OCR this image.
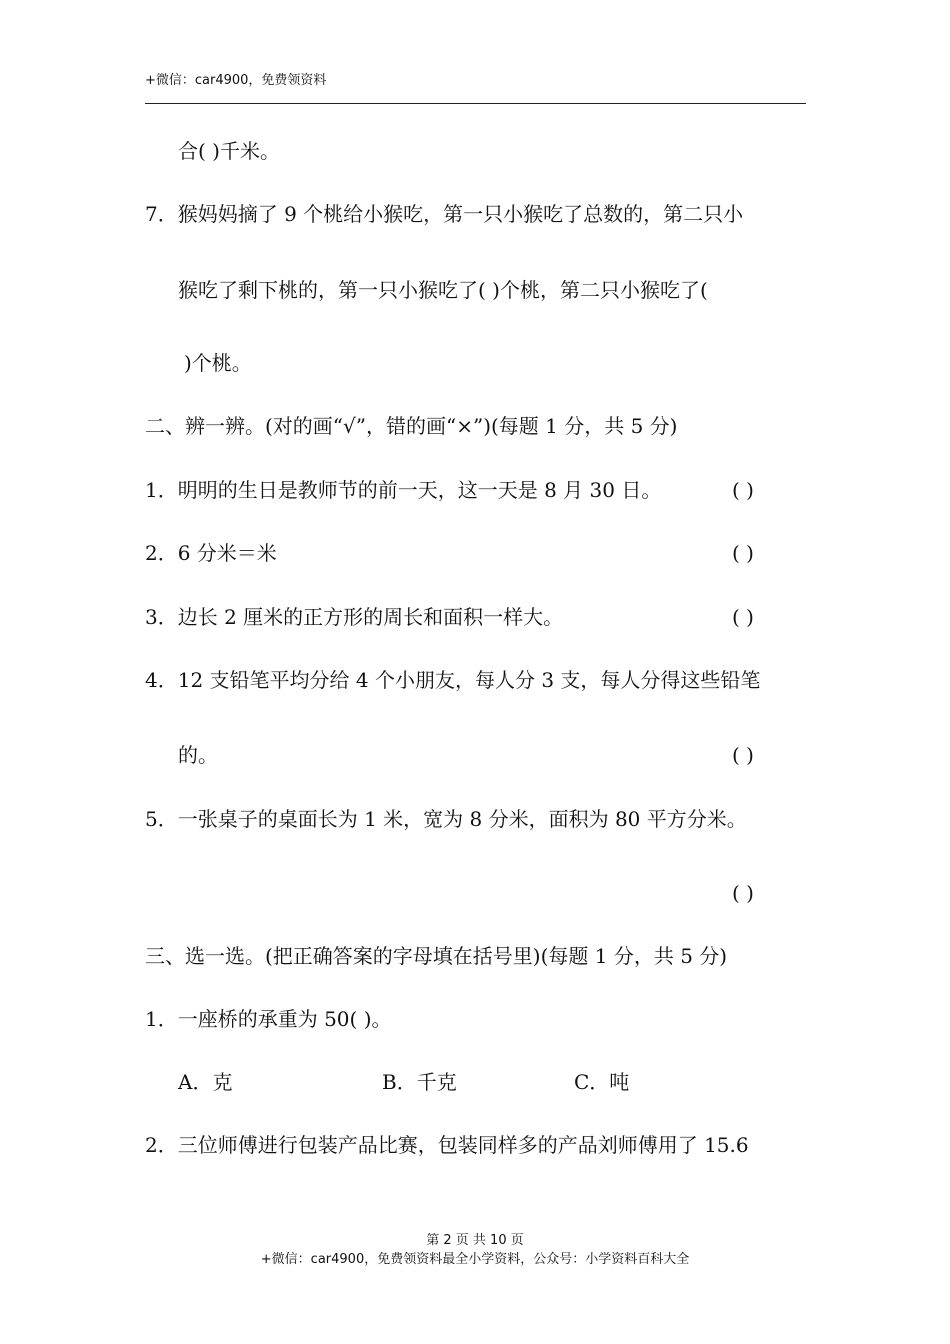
+微信：car4900，免费领资料
合( )千米。
7．猴妈妈摘了 9 个桃给小猴吃，第一只小猴吃了总数的，第二只小
猴吃了剩下桃的，第一只小猴吃了( )个桃，第二只小猴吃了(
)个桃。
二、辨一辨。(对的画“√”，错的画“×”)(每题 1 分，共 5 分)
1．明明的生日是教师节的前一天，这一天是 8 月 30 日。	( )
2．6 分米＝米	( )
3．边长 2 厘米的正方形的周长和面积一样大。	( )
4．12 支铅笔平均分给 4 个小朋友，每人分 3 支，每人分得这些铅笔
的。	( )
5．一张桌子的桌面长为 1 米，宽为 8 分米，面积为 80 平方分米。
( )
三、选一选。(把正确答案的字母填在括号里)(每题 1 分，共 5 分)
1．一座桥的承重为 50( )。
A．克	B．千克	C．吨
2．三位师傅进行包装产品比赛，包装同样多的产品刘师傅用了 15.6
第 2 页 共 10 页
+微信：car4900，免费领资料最全小学资料，公众号：小学资料百科大全
